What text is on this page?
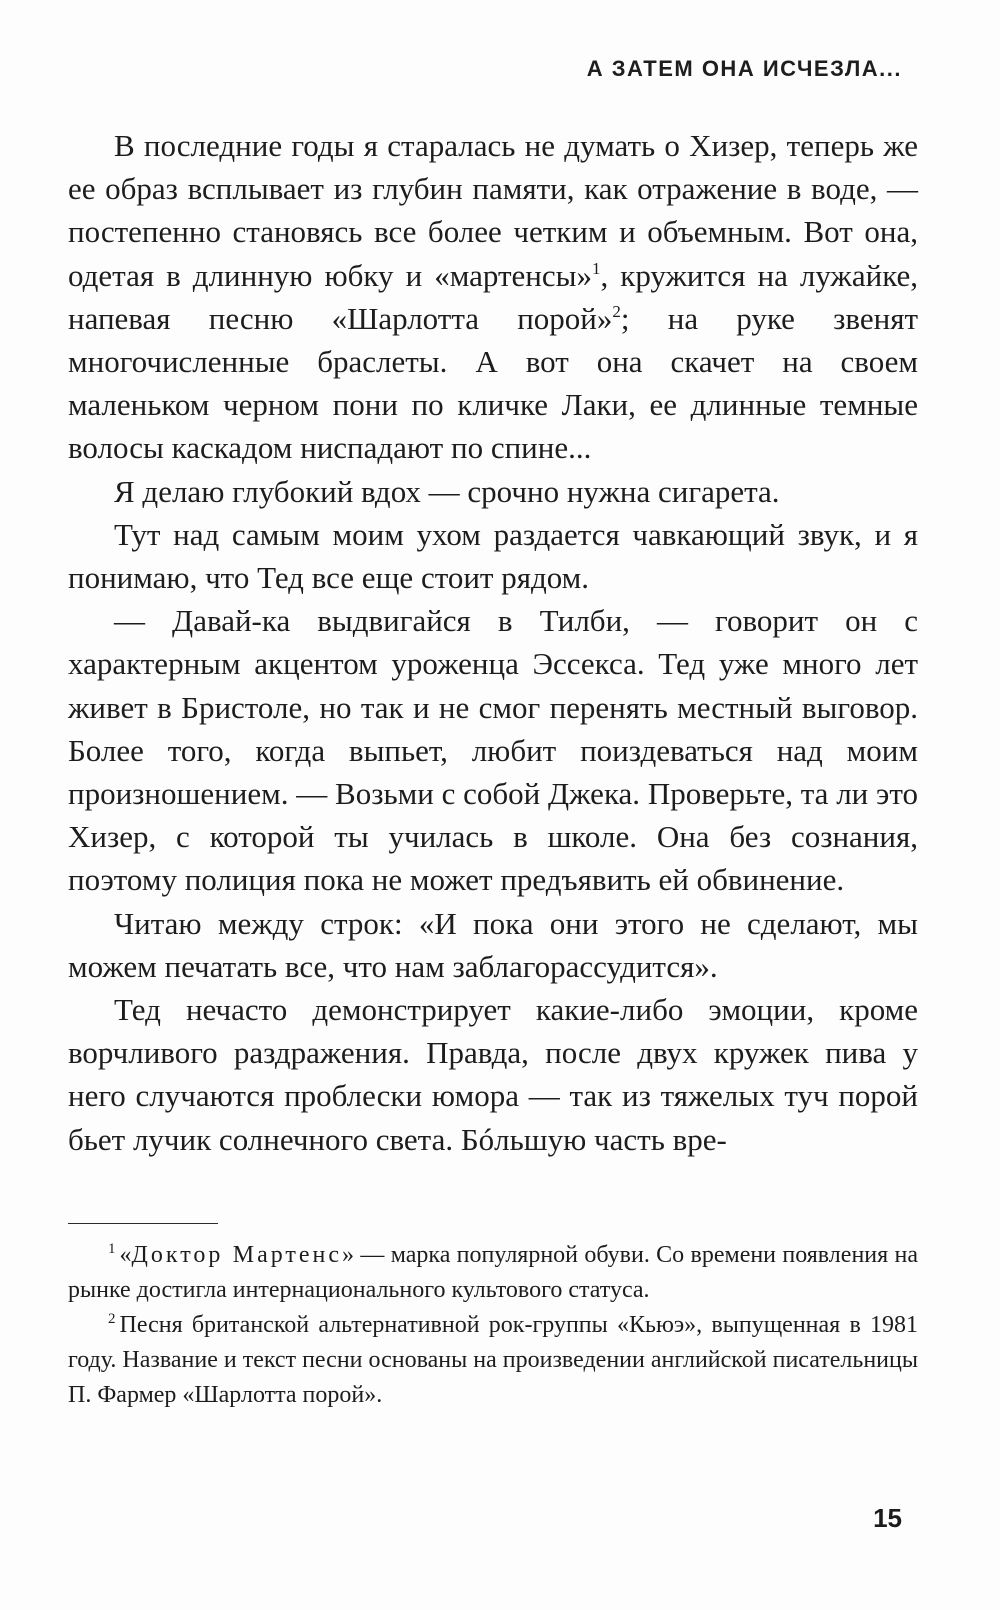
А ЗАТЕМ ОНА ИСЧЕЗЛА...

В последние годы я старалась не думать о Хизер, теперь же ее образ всплывает из глубин памяти, как отражение в воде, — постепенно становясь все более четким и объемным. Вот она, одетая в длинную юбку и «мартенсы»$^1$, кружится на лужайке, напевая песню «Шарлотта порой»$^2$; на руке звенят многочисленные браслеты. А вот она скачет на своем маленьком черном пони по кличке Лаки, ее длинные темные волосы каскадом ниспадают по спине...

Я делаю глубокий вдох — срочно нужна сигарета.

Тут над самым моим ухом раздается чавкающий звук, и я понимаю, что Тед все еще стоит рядом.

— Давай-ка выдвигайся в Тилби, — говорит он с характерным акцентом уроженца Эссекса. Тед уже много лет живет в Бристоле, но так и не смог перенять местный выговор. Более того, когда выпьет, любит поиздеваться над моим произношением. — Возьми с собой Джека. Проверьте, та ли это Хизер, с которой ты училась в школе. Она без сознания, поэтому полиция пока не может предъявить ей обвинение.

Читаю между строк: «И пока они этого не сделают, мы можем печатать все, что нам заблагорассудится».

Тед нечасто демонстрирует какие-либо эмоции, кроме ворчливого раздражения. Правда, после двух кружек пива у него случаются проблески юмора — так из тяжелых туч порой бьет лучик солнечного света. Бóльшую часть вре-

$^1$ «Доктор Мартенс» — марка популярной обуви. Со времени появления на рынке достигла интернационального культового статуса.

$^2$ Песня британской альтернативной рок-группы «Кьюэ», выпущенная в 1981 году. Название и текст песни основаны на произведении английской писательницы П. Фармер «Шарлотта порой».

15
